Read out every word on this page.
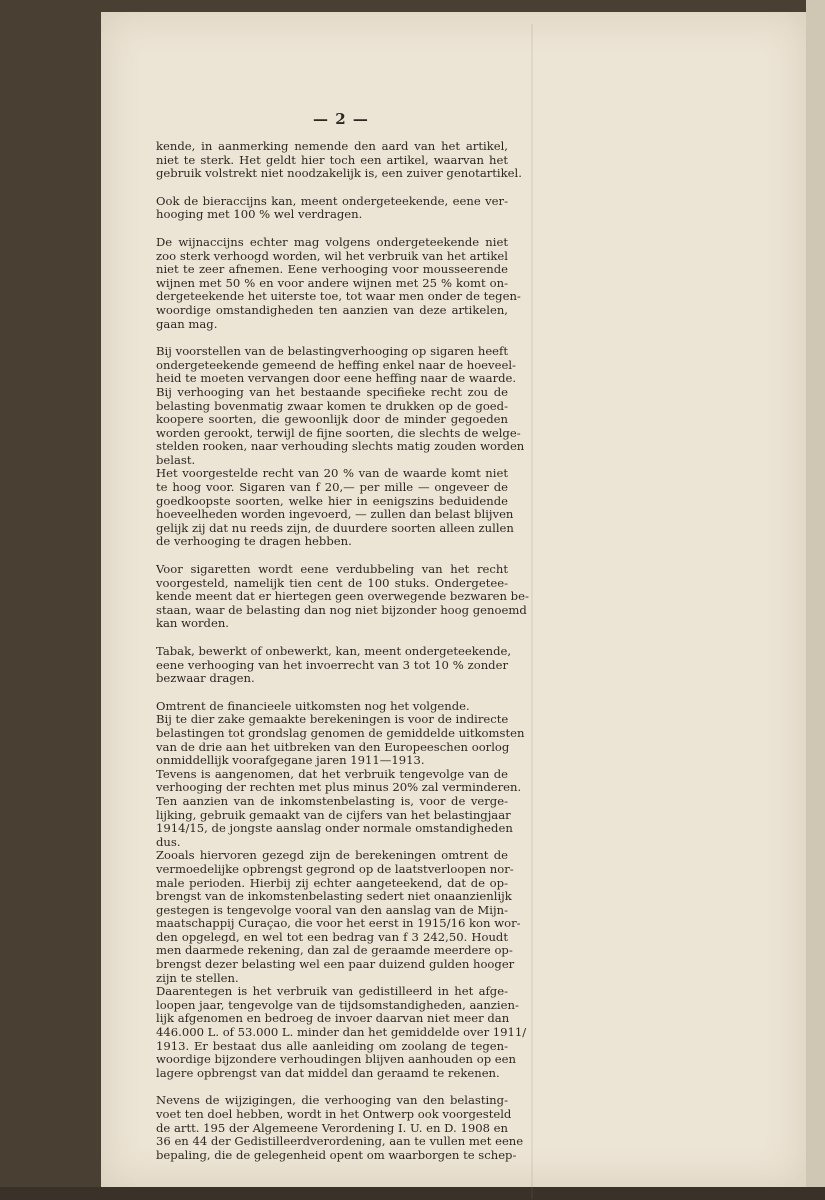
— 2 —
kende, in aanmerking nemende den aard van het artikel,
niet te sterk. Het geldt hier toch een artikel, waarvan het
gebruik volstrekt niet noodzakelijk is, een zuiver genotartikel.
Ook de bieraccijns kan, meent ondergeteekende, eene ver-
hooging met 100 % wel verdragen.
De wijnaccijns echter mag volgens ondergeteekende niet
zoo sterk verhoogd worden, wil het verbruik van het artikel
niet te zeer afnemen. Eene verhooging voor mousseerende
wijnen met 50 % en voor andere wijnen met 25 % komt on-
dergeteekende het uiterste toe, tot waar men onder de tegen-
woordige omstandigheden ten aanzien van deze artikelen,
gaan mag.
Bij voorstellen van de belastingverhooging op sigaren heeft
ondergeteekende gemeend de heffing enkel naar de hoeveel-
heid te moeten vervangen door eene heffing naar de waarde.
Bij verhooging van het bestaande specifieke recht zou de
belasting bovenmatig zwaar komen te drukken op de goed-
koopere soorten, die gewoonlijk door de minder gegoeden
worden gerookt, terwijl de fijne soorten, die slechts de welge-
stelden rooken, naar verhouding slechts matig zouden worden
belast.
Het voorgestelde recht van 20 % van de waarde komt niet
te hoog voor. Sigaren van f 20,— per mille — ongeveer de
goedkoopste soorten, welke hier in eenigszins beduidende
hoeveelheden worden ingevoerd, — zullen dan belast blijven
gelijk zij dat nu reeds zijn, de duurdere soorten alleen zullen
de verhooging te dragen hebben.
Voor sigaretten wordt eene verdubbeling van het recht
voorgesteld, namelijk tien cent de 100 stuks. Ondergetee-
kende meent dat er hiertegen geen overwegende bezwaren be-
staan, waar de belasting dan nog niet bijzonder hoog genoemd
kan worden.
Tabak, bewerkt of onbewerkt, kan, meent ondergeteekende,
eene verhooging van het invoerrecht van 3 tot 10 % zonder
bezwaar dragen.
Omtrent de financieele uitkomsten nog het volgende.
Bij te dier zake gemaakte berekeningen is voor de indirecte
belastingen tot grondslag genomen de gemiddelde uitkomsten
van de drie aan het uitbreken van den Europeeschen oorlog
onmiddellijk voorafgegane jaren 1911—1913.
Tevens is aangenomen, dat het verbruik tengevolge van de
verhooging der rechten met plus minus 20% zal verminderen.
Ten aanzien van de inkomstenbelasting is, voor de verge-
lijking, gebruik gemaakt van de cijfers van het belastingjaar
1914/15, de jongste aanslag onder normale omstandigheden
dus.
Zooals hiervoren gezegd zijn de berekeningen omtrent de
vermoedelijke opbrengst gegrond op de laatstverloopen nor-
male perioden. Hierbij zij echter aangeteekend, dat de op-
brengst van de inkomstenbelasting sedert niet onaanzienlijk
gestegen is tengevolge vooral van den aanslag van de Mijn-
maatschappij Curaçao, die voor het eerst in 1915/16 kon wor-
den opgelegd, en wel tot een bedrag van f 3 242,50. Houdt
men daarmede rekening, dan zal de geraamde meerdere op-
brengst dezer belasting wel een paar duizend gulden hooger
zijn te stellen.
Daarentegen is het verbruik van gedistilleerd in het afge-
loopen jaar, tengevolge van de tijdsomstandigheden, aanzien-
lijk afgenomen en bedroeg de invoer daarvan niet meer dan
446.000 L. of 53.000 L. minder dan het gemiddelde over 1911/
1913. Er bestaat dus alle aanleiding om zoolang de tegen-
woordige bijzondere verhoudingen blijven aanhouden op een
lagere opbrengst van dat middel dan geraamd te rekenen.
Nevens de wijzigingen, die verhooging van den belasting-
voet ten doel hebben, wordt in het Ontwerp ook voorgesteld
de artt. 195 der Algemeene Verordening I. U. en D. 1908 en
36 en 44 der Gedistilleerdverordening, aan te vullen met eene
bepaling, die de gelegenheid opent om waarborgen te schep-
